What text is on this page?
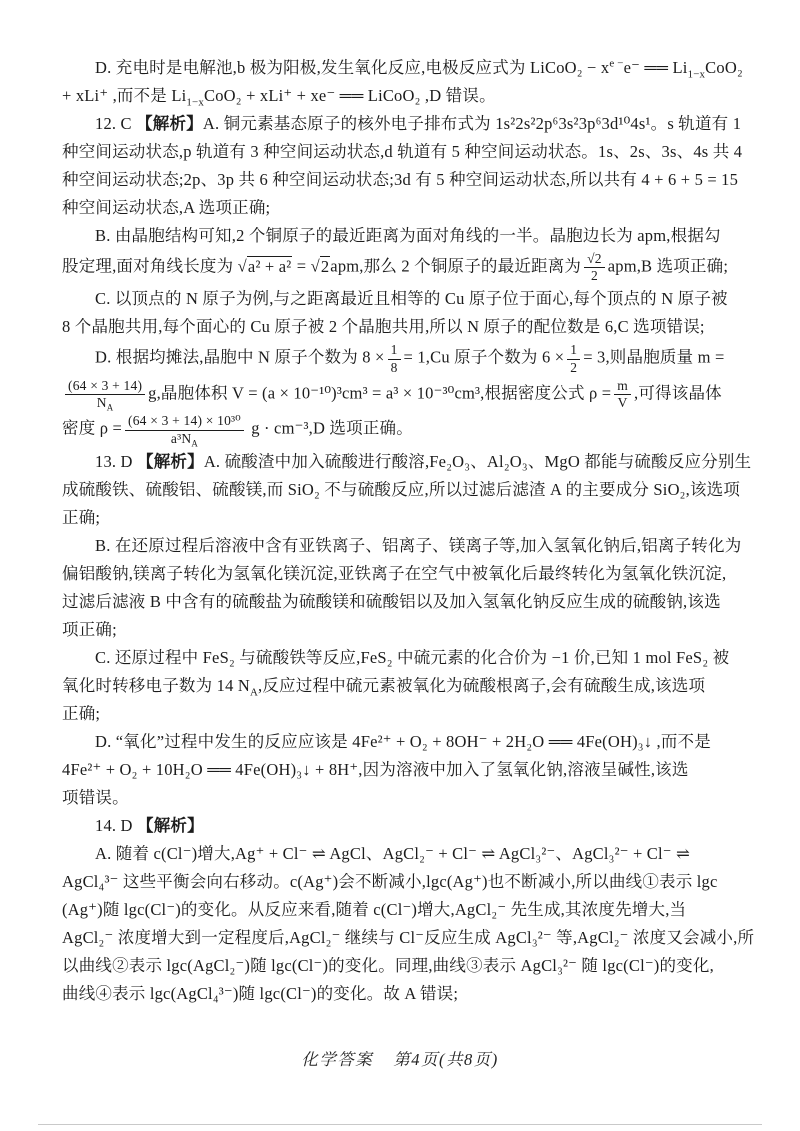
D. 充电时是电解池,b 极为阳极,发生氧化反应,电极反应式为 LiCoO₂ − $x^{e -}e^-$ ══ $Li_{1-x}CoO_2$
+ xLi⁺ ,而不是 $Li_{1-x}CoO_2 + xLi^+ + xe^-$ ══ LiCoO₂ ,D 错误。
12. C 【解析】A. 铜元素基态原子的核外电子排布式为 1s²2s²2p⁶3s²3p⁶3d¹⁰4s¹。s 轨道有 1
种空间运动状态,p 轨道有 3 种空间运动状态,d 轨道有 5 种空间运动状态。1s、2s、3s、4s 共 4
种空间运动状态;2p、3p 共 6 种空间运动状态;3d 有 5 种空间运动状态,所以共有 4 + 6 + 5 = 15
种空间运动状态,A 选项正确;
B. 由晶胞结构可知,2 个铜原子的最近距离为面对角线的一半。晶胞边长为 apm,根据勾
股定理,面对角线长度为 √a² + a² = √2apm,那么 2 个铜原子的最近距离为 $\frac{√2}{2} apm,B$ 选项正确;
C. 以顶点的 N 原子为例,与之距离最近且相等的 Cu 原子位于面心,每个顶点的 N 原子被
8 个晶胞共用,每个面心的 Cu 原子被 2 个晶胞共用,所以 N 原子的配位数是 6,C 选项错误;
D. 根据均摊法,晶胞中 N 原子个数为 $8 \times \frac{1}{8} = 1,Cu$ 原子个数为 $6 \times \frac{1}{2} = 3$,则晶胞质量 m =
$\frac{(64 \times 3 + 14)}{N_A} g$,晶胞体积 V = (a × 10⁻¹⁰)³cm³ = a³ × 10⁻³⁰cm³,根据密度公式 $\rho = \frac{m}{V}$ ,可得该晶体
密度 $\rho = \frac{\text{(64 × 3 + 14) × 10³⁰}}{a^3N_A}$ g · cm⁻³,D 选项正确。
13. D 【解析】A. 硫酸渣中加入硫酸进行酸溶,Fe₂O₃、Al₂O₃、MgO 都能与硫酸反应分别生
成硫酸铁、硫酸铝、硫酸镁,而 SiO₂ 不与硫酸反应,所以过滤后滤渣 A 的主要成分 SiO₂,该选项
正确;
B. 在还原过程后溶液中含有亚铁离子、铝离子、镁离子等,加入氢氧化钠后,铝离子转化为
偏铝酸钠,镁离子转化为氢氧化镁沉淀,亚铁离子在空气中被氧化后最终转化为氢氧化铁沉淀,
过滤后滤液 B 中含有的硫酸盐为硫酸镁和硫酸铝以及加入氢氧化钠反应生成的硫酸钠,该选
项正确;
C. 还原过程中 FeS₂ 与硫酸铁等反应,FeS₂ 中硫元素的化合价为 −1 价,已知 1 mol FeS₂ 被
氧化时转移电子数为 14 $N_A$,反应过程中硫元素被氧化为硫酸根离子,会有硫酸生成,该选项
正确;
D. “氧化”过程中发生的反应应该是 4Fe²⁺ + O₂ + 8OH⁻ + 2H₂O ══ 4Fe(OH)₃↓ ,而不是
4Fe²⁺ + O₂ + 10H₂O ══ 4Fe(OH)₃↓ + 8H⁺,因为溶液中加入了氢氧化钠,溶液呈碱性,该选
项错误。
14. D 【解析】
A. 随着 c(Cl⁻)增大,Ag⁺ + Cl⁻ ⇌ AgCl、AgCl₂⁻ + Cl⁻ ⇌ AgCl₃²⁻、AgCl₃²⁻ + Cl⁻ ⇌
AgCl₄³⁻ 这些平衡会向右移动。c(Ag⁺)会不断减小,lgc(Ag⁺)也不断减小,所以曲线①表示 lgc
(Ag⁺)随 lgc(Cl⁻)的变化。从反应来看,随着 c(Cl⁻)增大,AgCl₂⁻ 先生成,其浓度先增大,当
AgCl₂⁻ 浓度增大到一定程度后,AgCl₂⁻ 继续与 Cl⁻反应生成 AgCl₃²⁻ 等,AgCl₂⁻ 浓度又会减小,所
以曲线②表示 lgc(AgCl₂⁻)随 lgc(Cl⁻)的变化。同理,曲线③表示 AgCl₃²⁻ 随 lgc(Cl⁻)的变化,
曲线④表示 lgc(AgCl₄³⁻)随 lgc(Cl⁻)的变化。故 A 错误;
化学答案 第4页(共8页)
